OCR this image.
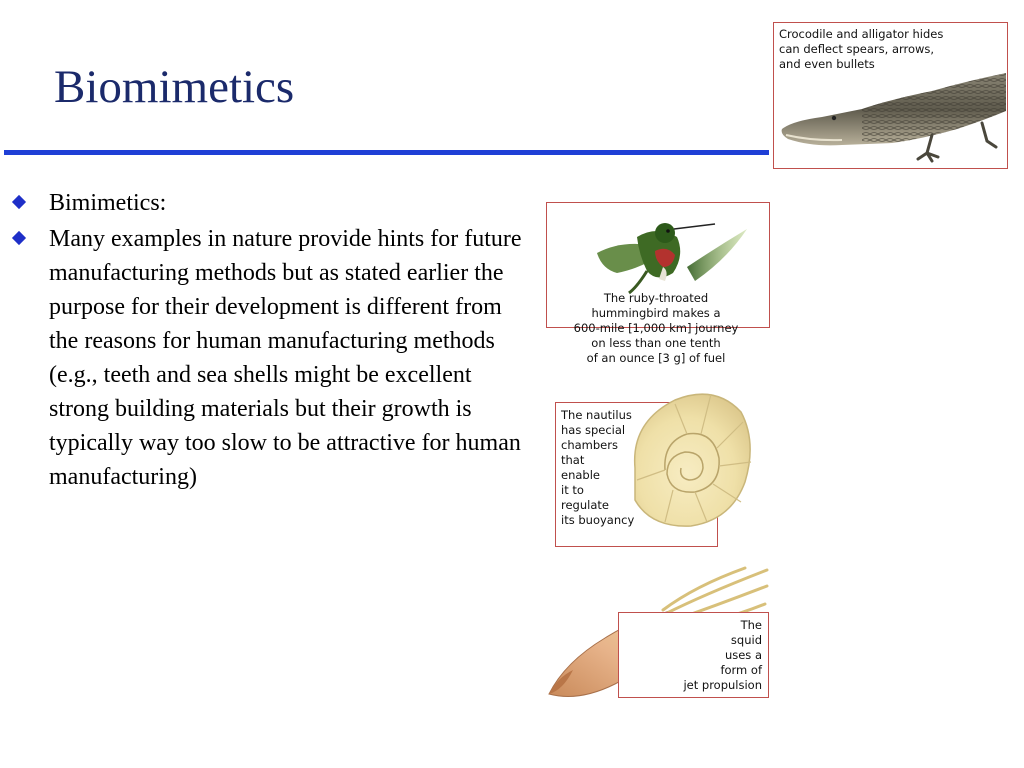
Biomimetics
Bimimetics:
Many examples in nature provide hints for future manufacturing methods but as stated earlier the purpose for their development is different from the reasons for human manufacturing methods (e.g., teeth and sea shells might be excellent strong building materials but their growth is typically way too slow to be attractive for human manufacturing)
Crocodile and alligator hides
can deflect spears, arrows,
and even bullets
The ruby-throated
hummingbird makes a
600-mile [1,000 km] journey
on less than one tenth
of an ounce [3 g] of fuel
The nautilus
has special
chambers
that
enable
it to
regulate
its buoyancy
The
squid
uses a
form of
jet propulsion
